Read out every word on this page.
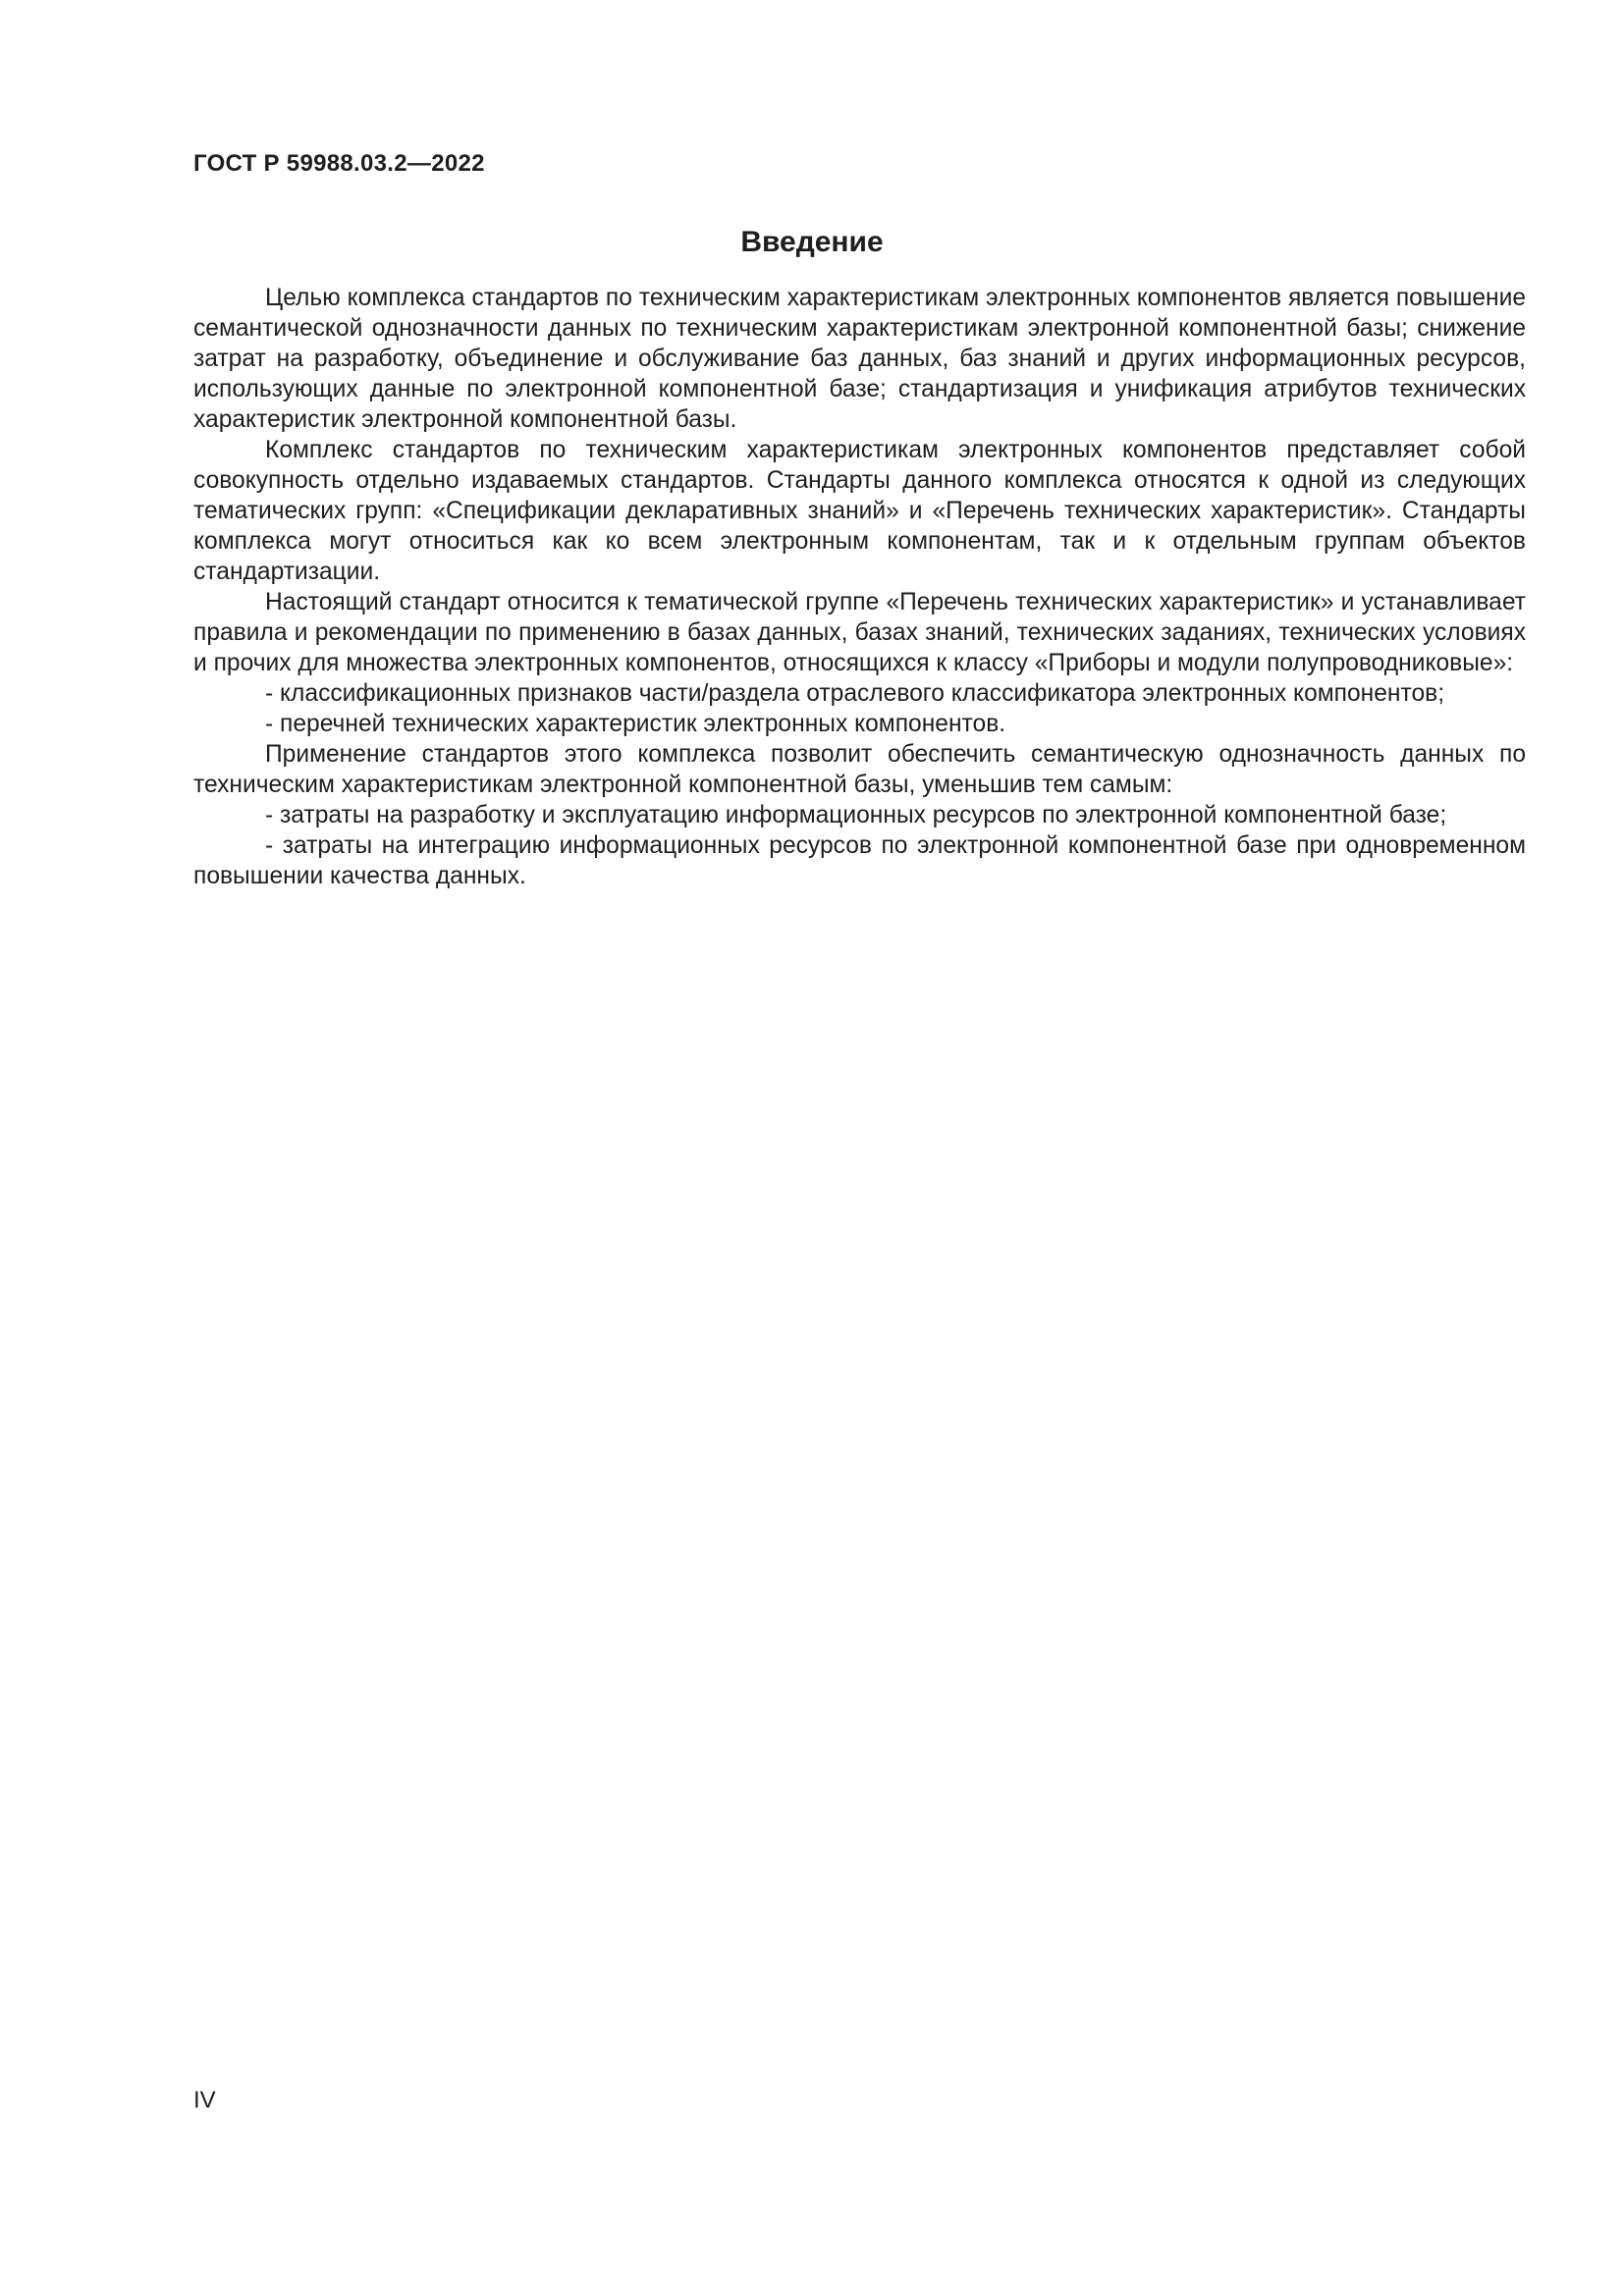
ГОСТ Р 59988.03.2—2022
Введение

Целью комплекса стандартов по техническим характеристикам электронных компонентов является повышение семантической однозначности данных по техническим характеристикам электронной компонентной базы; снижение затрат на разработку, объединение и обслуживание баз данных, баз знаний и других информационных ресурсов, использующих данные по электронной компонентной базе; стандартизация и унификация атрибутов технических характеристик электронной компонентной базы.

Комплекс стандартов по техническим характеристикам электронных компонентов представляет собой совокупность отдельно издаваемых стандартов. Стандарты данного комплекса относятся к одной из следующих тематических групп: «Спецификации декларативных знаний» и «Перечень технических характеристик». Стандарты комплекса могут относиться как ко всем электронным компонентам, так и к отдельным группам объектов стандартизации.

Настоящий стандарт относится к тематической группе «Перечень технических характеристик» и устанавливает правила и рекомендации по применению в базах данных, базах знаний, технических заданиях, технических условиях и прочих для множества электронных компонентов, относящихся к классу «Приборы и модули полупроводниковые»:

- классификационных признаков части/раздела отраслевого классификатора электронных компонентов;

- перечней технических характеристик электронных компонентов.

Применение стандартов этого комплекса позволит обеспечить семантическую однозначность данных по техническим характеристикам электронной компонентной базы, уменьшив тем самым:

- затраты на разработку и эксплуатацию информационных ресурсов по электронной компонентной базе;

- затраты на интеграцию информационных ресурсов по электронной компонентной базе при одновременном повышении качества данных.

IV
